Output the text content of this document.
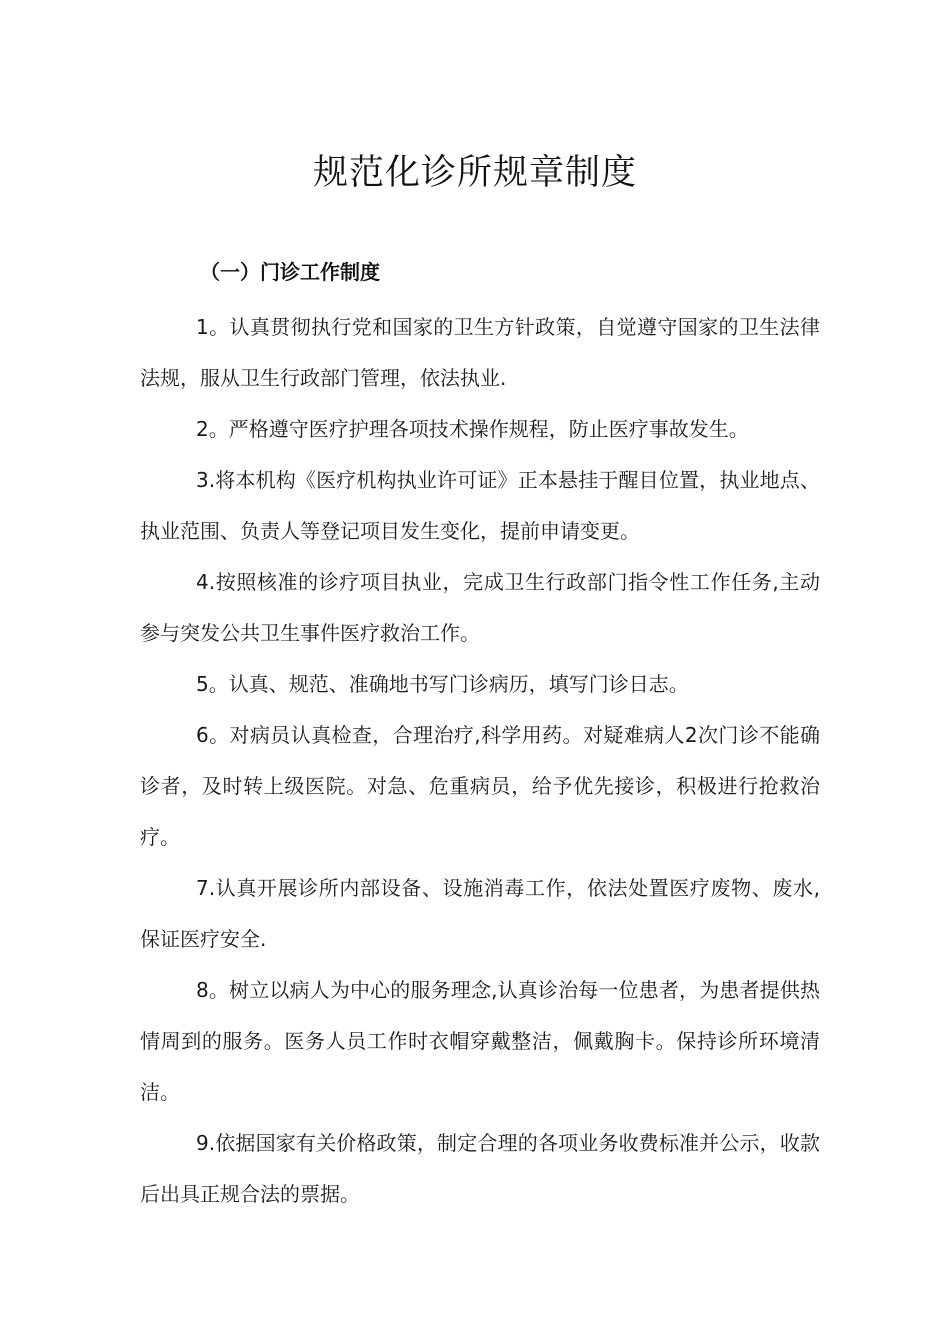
规范化诊所规章制度
（一）门诊工作制度

1。认真贯彻执行党和国家的卫生方针政策，自觉遵守国家的卫生法律法规，服从卫生行政部门管理，依法执业.

2。严格遵守医疗护理各项技术操作规程，防止医疗事故发生。

3.将本机构《医疗机构执业许可证》正本悬挂于醒目位置，执业地点、执业范围、负责人等登记项目发生变化，提前申请变更。

4.按照核准的诊疗项目执业，完成卫生行政部门指令性工作任务,主动参与突发公共卫生事件医疗救治工作。

5。认真、规范、准确地书写门诊病历，填写门诊日志。

6。对病员认真检查，合理治疗,科学用药。对疑难病人2次门诊不能确诊者，及时转上级医院。对急、危重病员，给予优先接诊，积极进行抢救治疗。

7.认真开展诊所内部设备、设施消毒工作，依法处置医疗废物、废水,保证医疗安全.

8。树立以病人为中心的服务理念,认真诊治每一位患者，为患者提供热情周到的服务。医务人员工作时衣帽穿戴整洁，佩戴胸卡。保持诊所环境清洁。

9.依据国家有关价格政策，制定合理的各项业务收费标准并公示，收款后出具正规合法的票据。
